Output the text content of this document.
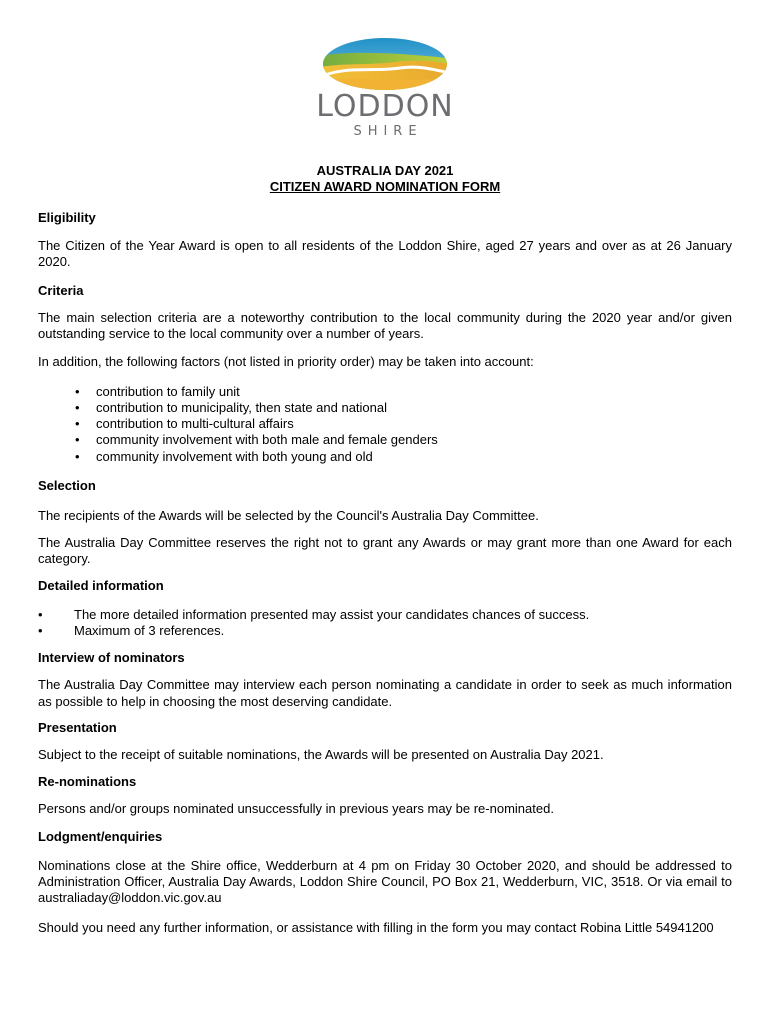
LODDON
SHIRE

AUSTRALIA DAY 2021

CITIZEN AWARD NOMINATION FORM

Eligibility

The Citizen of the Year Award is open to all residents of the Loddon Shire, aged 27 years and over as at 26 January 2020.

Criteria

The main selection criteria are a noteworthy contribution to the local community during the 2020 year and/or given outstanding service to the local community over a number of years.

In addition, the following factors (not listed in priority order) may be taken into account:

• contribution to family unit
• contribution to municipality, then state and national
• contribution to multi-cultural affairs
• community involvement with both male and female genders
• community involvement with both young and old
Selection

The recipients of the Awards will be selected by the Council's Australia Day Committee.

The Australia Day Committee reserves the right not to grant any Awards or may grant more than one Award for each category.

Detailed information
• The more detailed information presented may assist your candidates chances of success.
• Maximum of 3 references.
Interview of nominators

The Australia Day Committee may interview each person nominating a candidate in order to seek as much information as possible to help in choosing the most deserving candidate.

Presentation

Subject to the receipt of suitable nominations, the Awards will be presented on Australia Day 2021.

Re-nominations

Persons and/or groups nominated unsuccessfully in previous years may be re-nominated.

Lodgment/enquiries

Nominations close at the Shire office, Wedderburn at 4 pm on Friday 30 October 2020, and should be addressed to Administration Officer, Australia Day Awards, Loddon Shire Council, PO Box 21, Wedderburn, VIC, 3518. Or via email to australiaday@loddon.vic.gov.au

Should you need any further information, or assistance with filling in the form you may contact Robina Little 54941200
